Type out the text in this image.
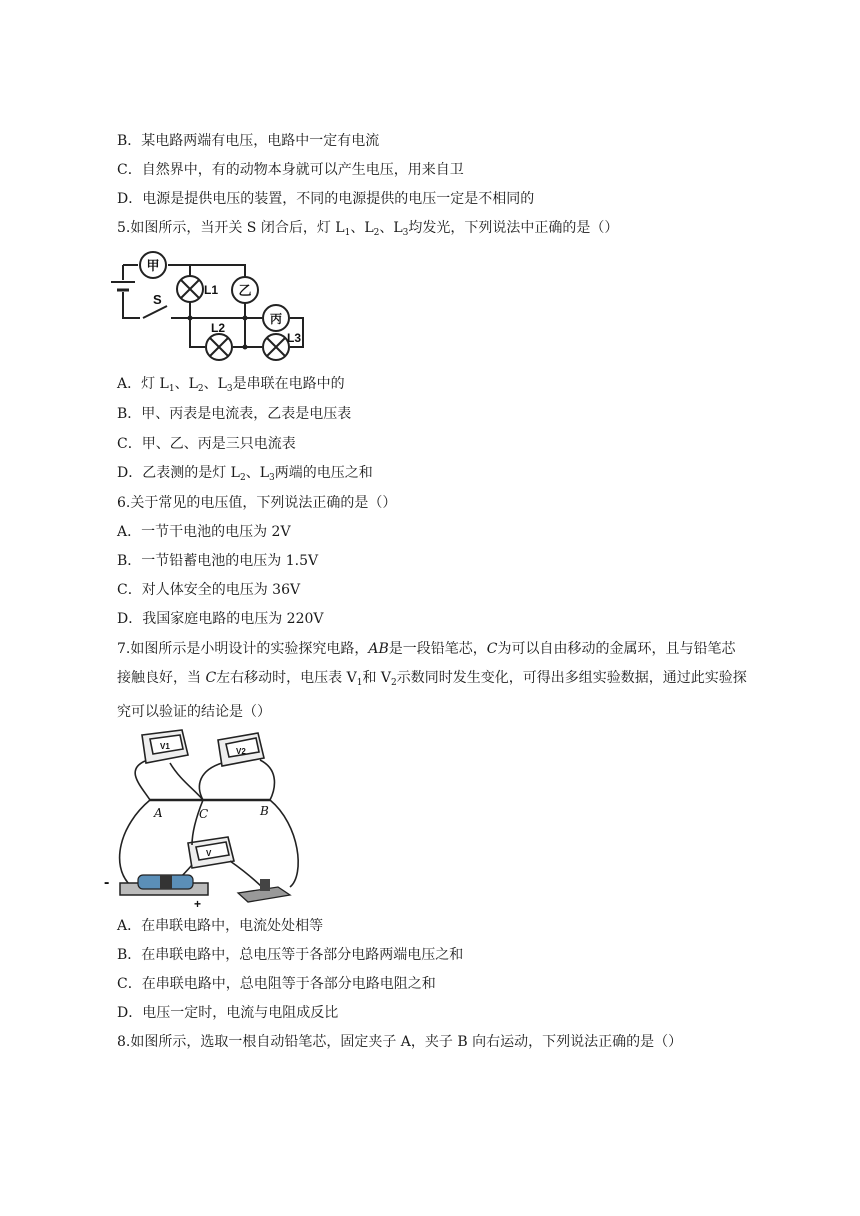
B．某电路两端有电压，电路中一定有电流
C．自然界中，有的动物本身就可以产生电压，用来自卫
D．电源是提供电压的装置，不同的电源提供的电压一定是不相同的
5.如图所示，当开关 S 闭合后，灯 $L_1$、$L_2$、$L_3$均发光，下列说法中正确的是（）
甲
乙
丙
S
L1
L2
L3
A．灯 $L_1$、$L_2$、$L_3$是串联在电路中的
B．甲、丙表是电流表，乙表是电压表
C．甲、乙、丙是三只电流表
D．乙表测的是灯 $L_2$、$L_3$两端的电压之和
6.关于常见的电压值，下列说法正确的是（）
A．一节干电池的电压为 2V
B．一节铅蓄电池的电压为 1.5V
C．对人体安全的电压为 36V
D．我国家庭电路的电压为 220V
7.如图所示是小明设计的实验探究电路，AB是一段铅笔芯，C为可以自由移动的金属环，且与铅笔芯接触良好，当 C左右移动时，电压表 $V_1$和 $V_2$示数同时发生变化，可得出多组实验数据，通过此实验探究可以验证的结论是（）
A	C	B
-
+
V1
V2
V
A．在串联电路中，电流处处相等
B．在串联电路中，总电压等于各部分电路两端电压之和
C．在串联电路中，总电阻等于各部分电路电阻之和
D．电压一定时，电流与电阻成反比
8.如图所示，选取一根自动铅笔芯，固定夹子 A，夹子 B 向右运动，下列说法正确的是（）
